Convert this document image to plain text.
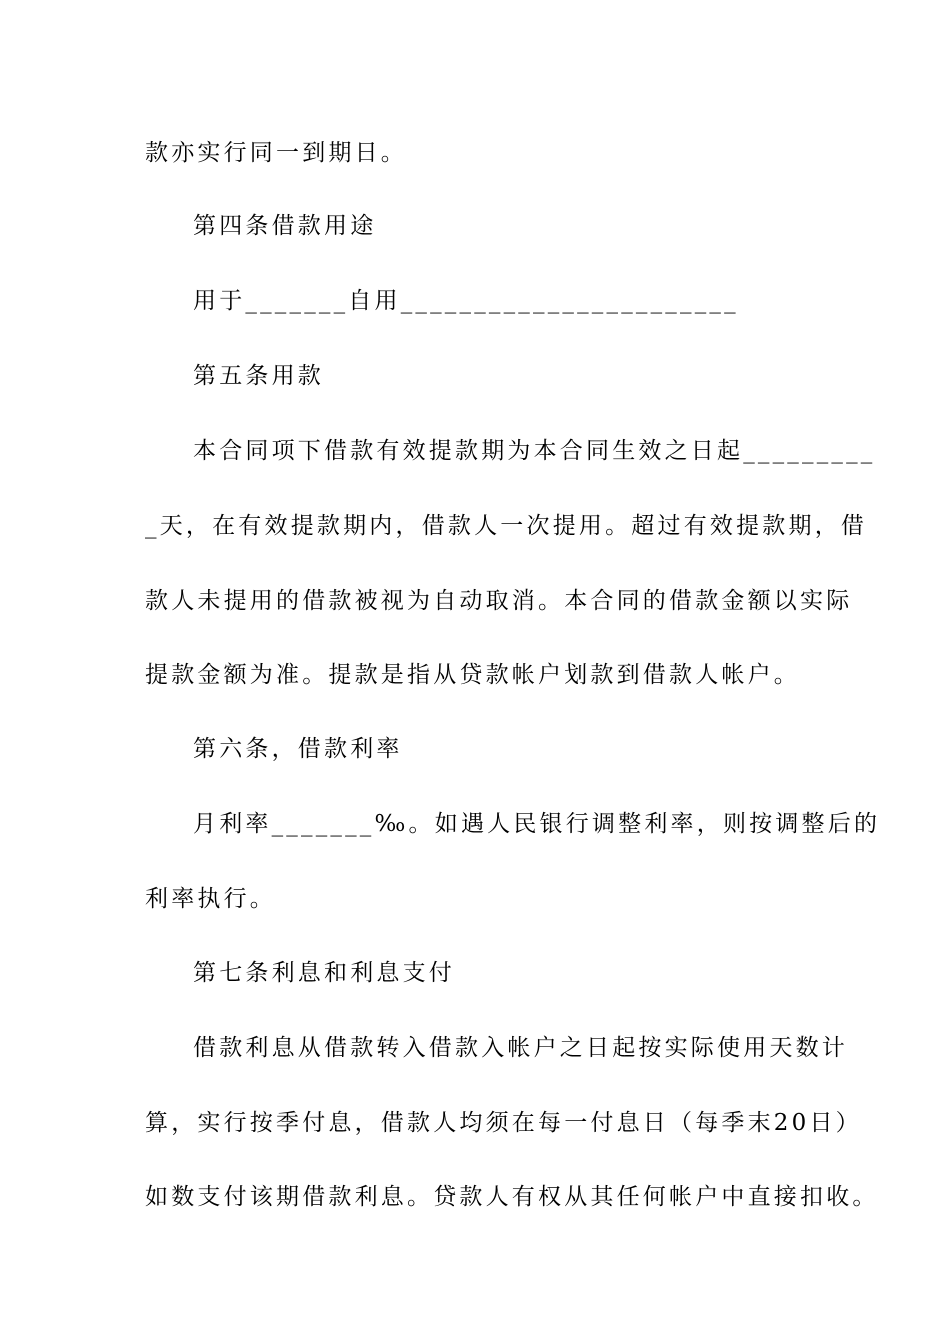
款亦实行同一到期日。
第四条借款用途
用于_______自用_______________________
第五条用款
本合同项下借款有效提款期为本合同生效之日起_________
_天，在有效提款期内，借款人一次提用。超过有效提款期，借
款人未提用的借款被视为自动取消。本合同的借款金额以实际
提款金额为准。提款是指从贷款帐户划款到借款人帐户。
第六条，借款利率
月利率_______‰。如遇人民银行调整利率，则按调整后的
利率执行。
第七条利息和利息支付
借款利息从借款转入借款入帐户之日起按实际使用天数计
算，实行按季付息，借款人均须在每一付息日（每季末20日）
如数支付该期借款利息。贷款人有权从其任何帐户中直接扣收。
